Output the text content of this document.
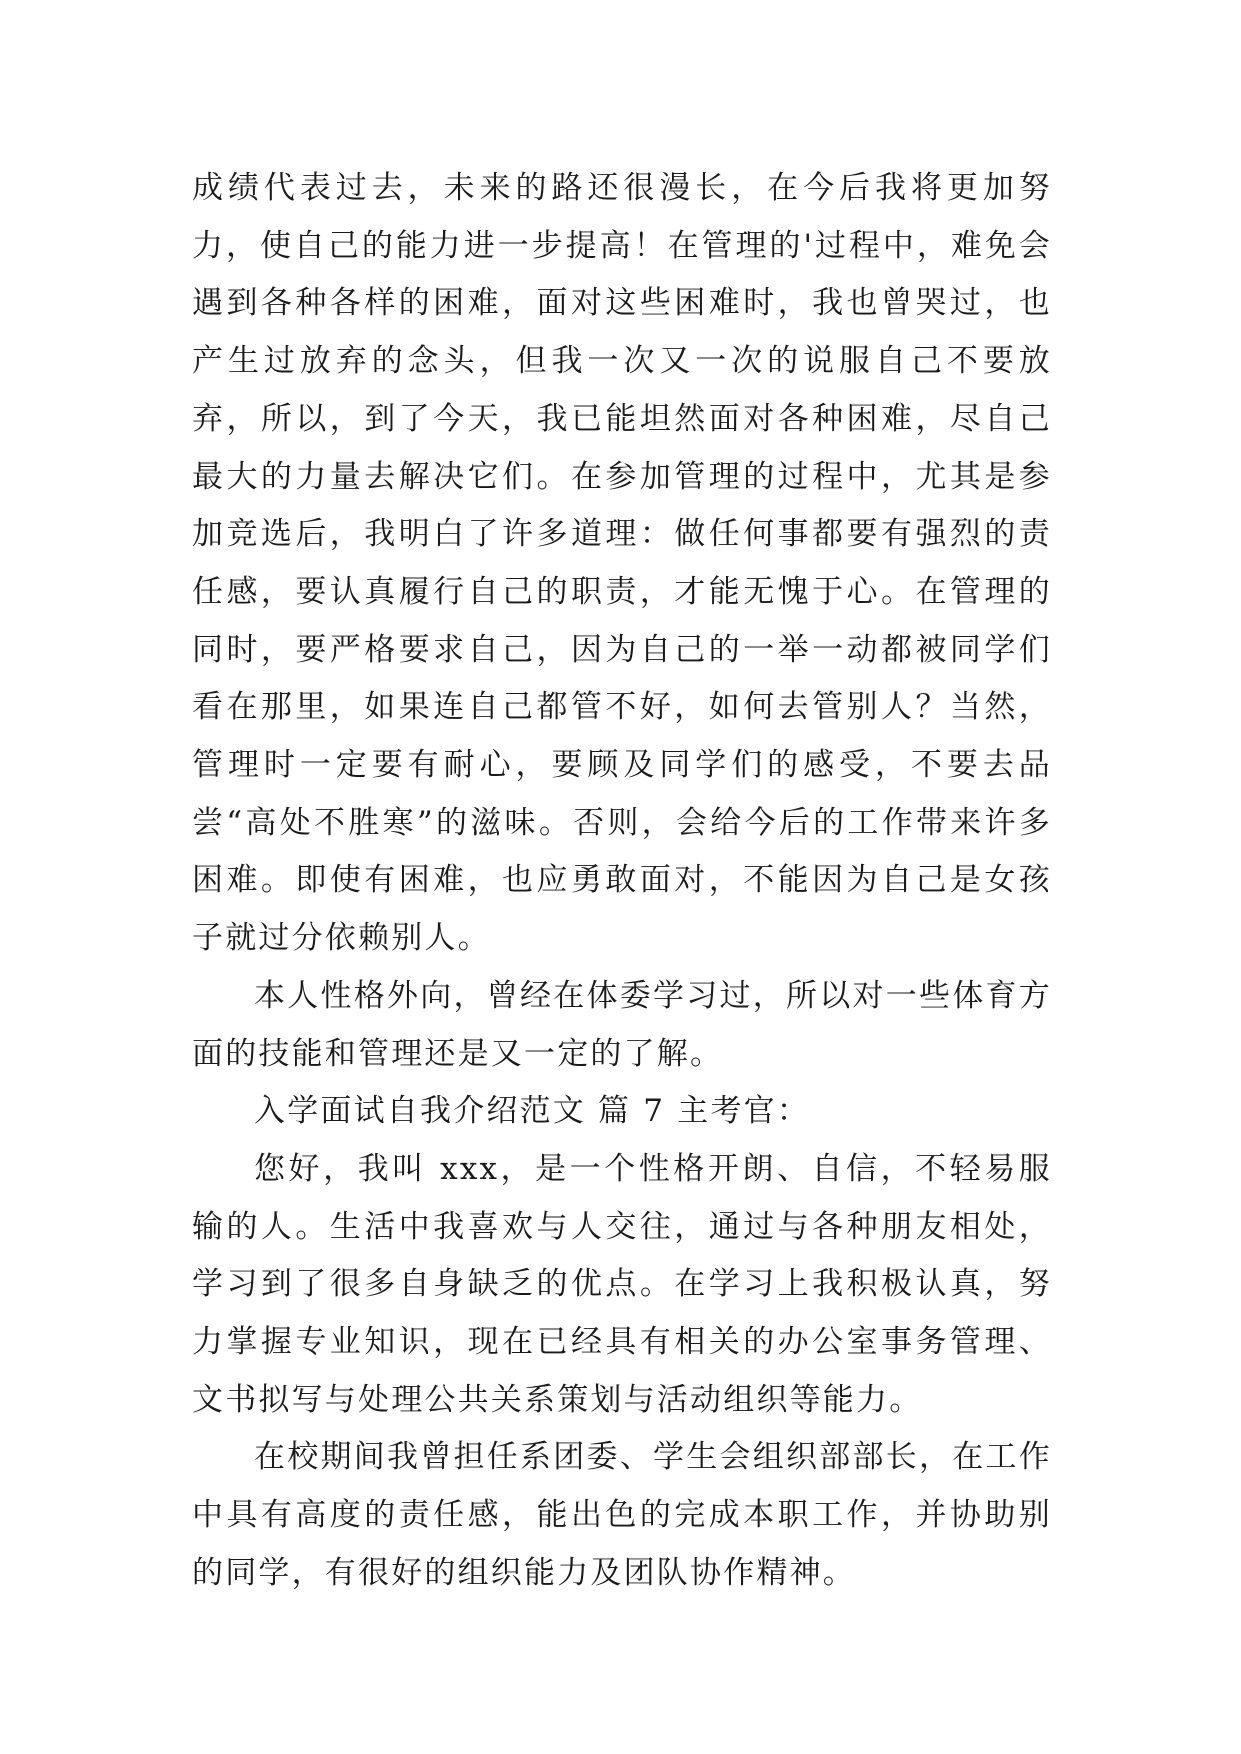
成绩代表过去，未来的路还很漫长，在今后我将更加努力，使自己的能力进一步提高！在管理的'过程中，难免会遇到各种各样的困难，面对这些困难时，我也曾哭过，也产生过放弃的念头，但我一次又一次的说服自己不要放弃，所以，到了今天，我已能坦然面对各种困难，尽自己最大的力量去解决它们。在参加管理的过程中，尤其是参加竞选后，我明白了许多道理：做任何事都要有强烈的责任感，要认真履行自己的职责，才能无愧于心。在管理的同时，要严格要求自己，因为自己的一举一动都被同学们看在那里，如果连自己都管不好，如何去管别人？当然，管理时一定要有耐心，要顾及同学们的感受，不要去品尝“高处不胜寒”的滋味。否则，会给今后的工作带来许多困难。即使有困难，也应勇敢面对，不能因为自己是女孩子就过分依赖别人。

本人性格外向，曾经在体委学习过，所以对一些体育方面的技能和管理还是又一定的了解。

入学面试自我介绍范文 篇 7 主考官：

您好，我叫 xxx，是一个性格开朗、自信，不轻易服输的人。生活中我喜欢与人交往，通过与各种朋友相处，学习到了很多自身缺乏的优点。在学习上我积极认真，努力掌握专业知识，现在已经具有相关的办公室事务管理、文书拟写与处理公共关系策划与活动组织等能力。

在校期间我曾担任系团委、学生会组织部部长，在工作中具有高度的责任感，能出色的完成本职工作，并协助别的同学，有很好的组织能力及团队协作精神。
